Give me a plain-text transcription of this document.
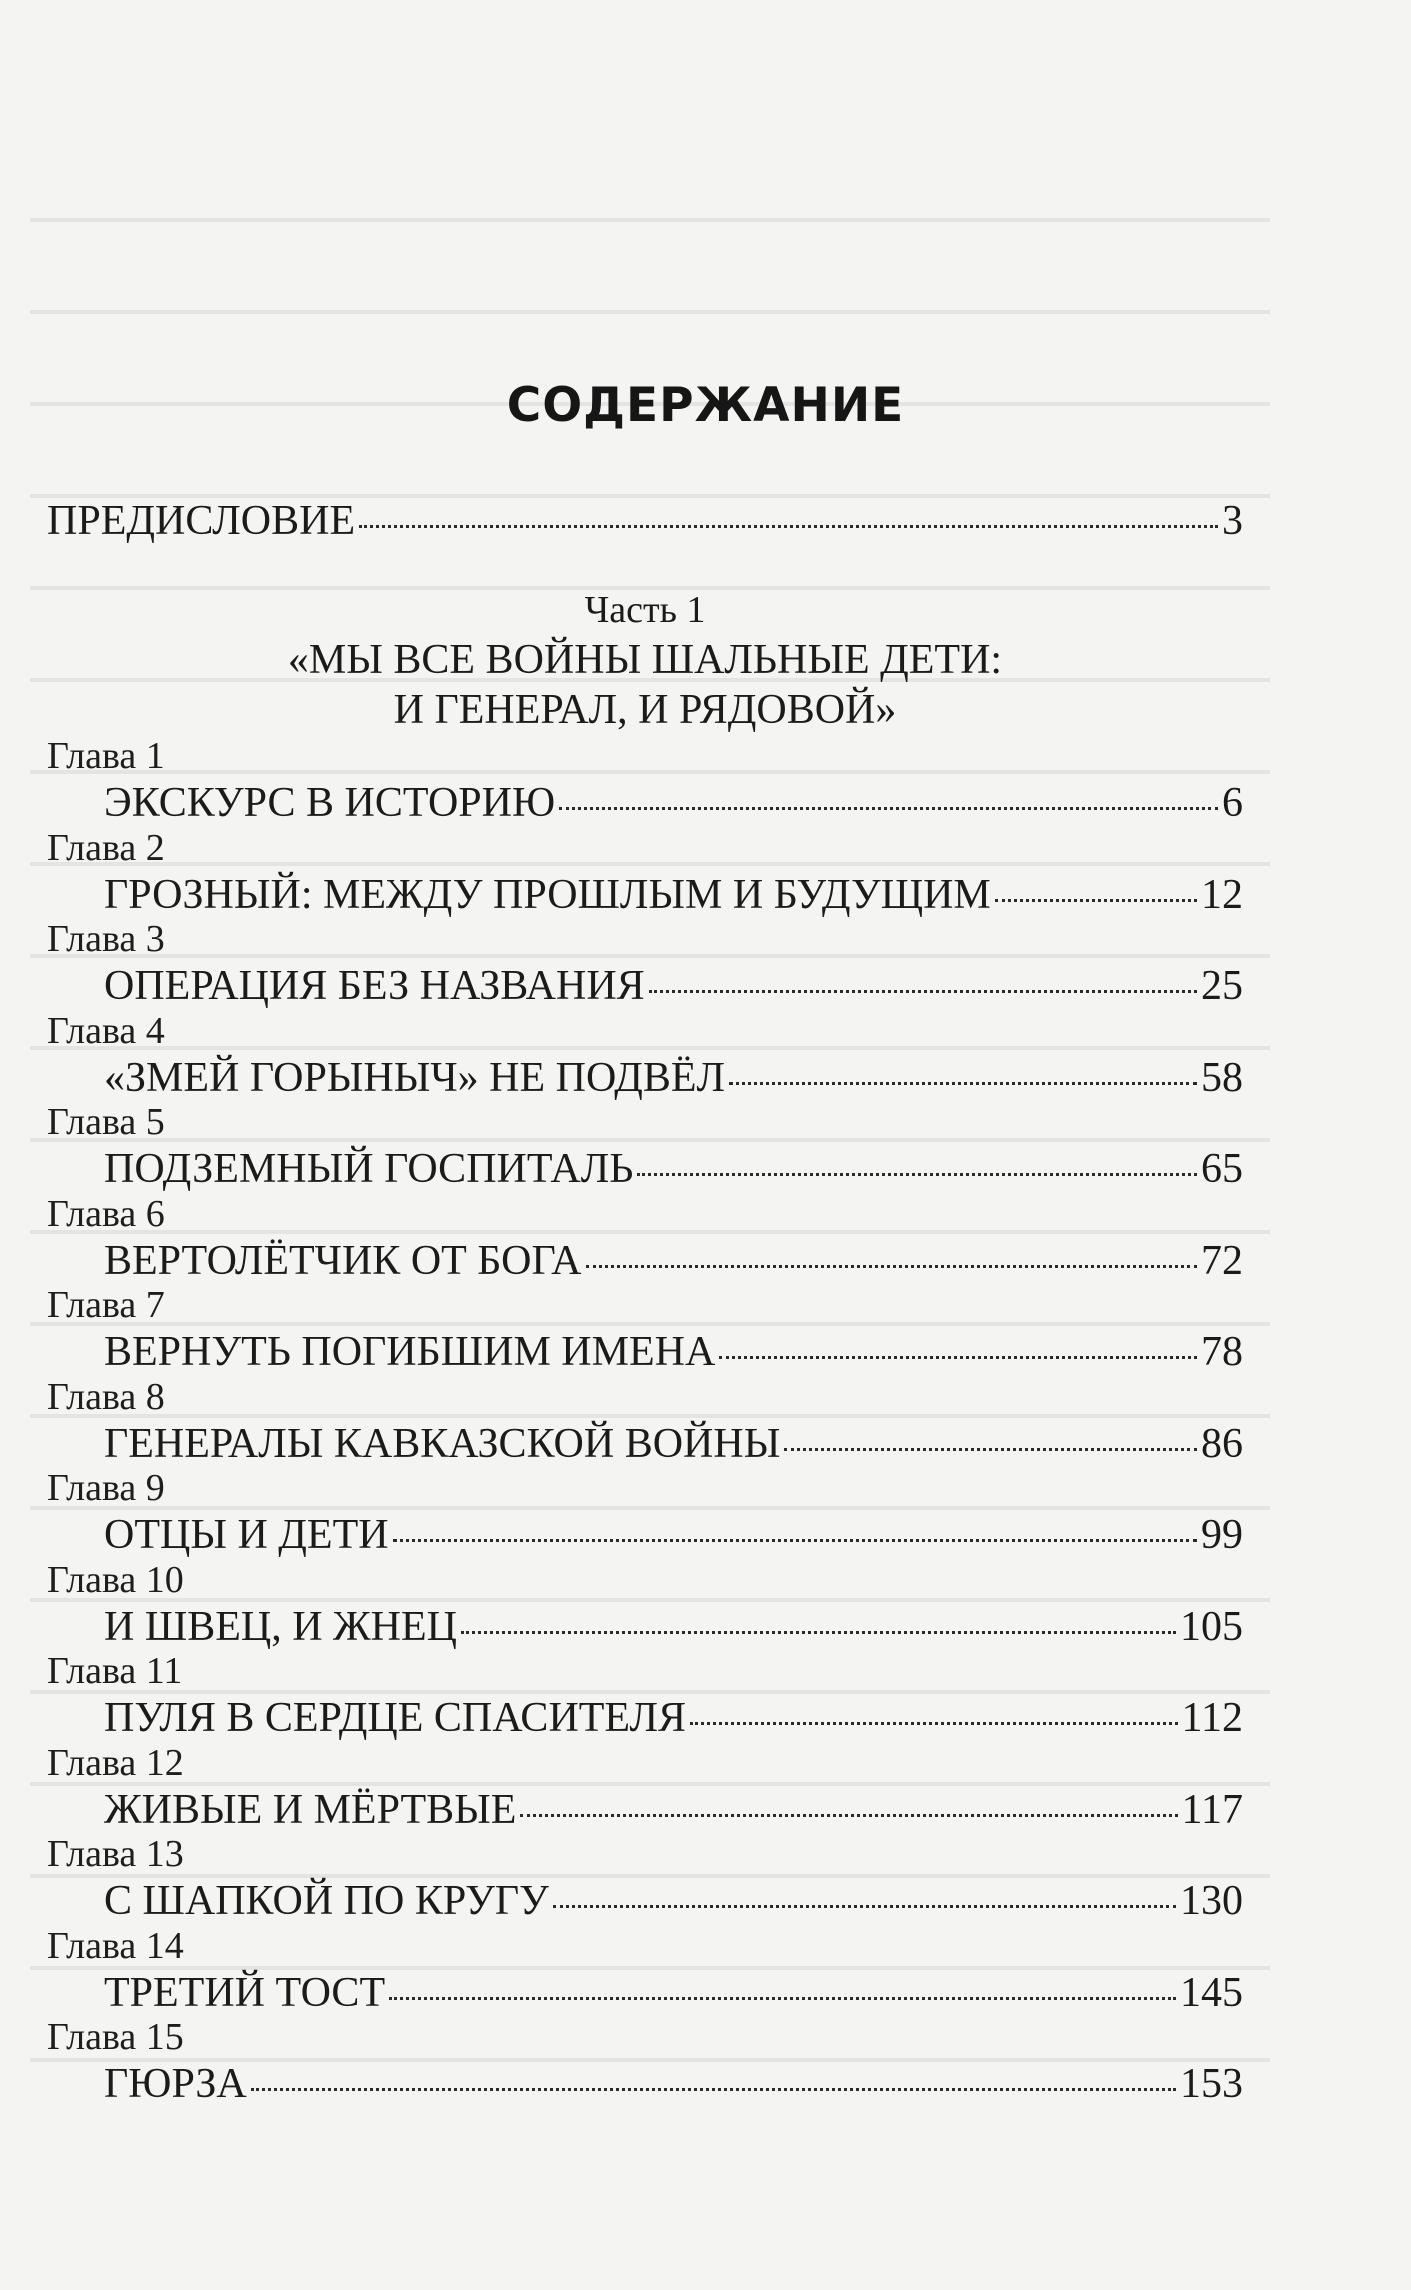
СОДЕРЖАНИЕ
ПРЕДИСЛОВИЕ	3
Часть 1
«МЫ ВСЕ ВОЙНЫ ШАЛЬНЫЕ ДЕТИ:
И ГЕНЕРАЛ, И РЯДОВОЙ»
Глава 1
ЭКСКУРС В ИСТОРИЮ	6
Глава 2
ГРОЗНЫЙ: МЕЖДУ ПРОШЛЫМ И БУДУЩИМ	12
Глава 3
ОПЕРАЦИЯ БЕЗ НАЗВАНИЯ	25
Глава 4
«ЗМЕЙ ГОРЫНЫЧ» НЕ ПОДВЁЛ	58
Глава 5
ПОДЗЕМНЫЙ ГОСПИТАЛЬ	65
Глава 6
ВЕРТОЛЁТЧИК ОТ БОГА	72
Глава 7
ВЕРНУТЬ ПОГИБШИМ ИМЕНА	78
Глава 8
ГЕНЕРАЛЫ КАВКАЗСКОЙ ВОЙНЫ	86
Глава 9
ОТЦЫ И ДЕТИ	99
Глава 10
И ШВЕЦ, И ЖНЕЦ	105
Глава 11
ПУЛЯ В СЕРДЦЕ СПАСИТЕЛЯ	112
Глава 12
ЖИВЫЕ И МЁРТВЫЕ	117
Глава 13
С ШАПКОЙ ПО КРУГУ	130
Глава 14
ТРЕТИЙ ТОСТ	145
Глава 15
ГЮРЗА	153
